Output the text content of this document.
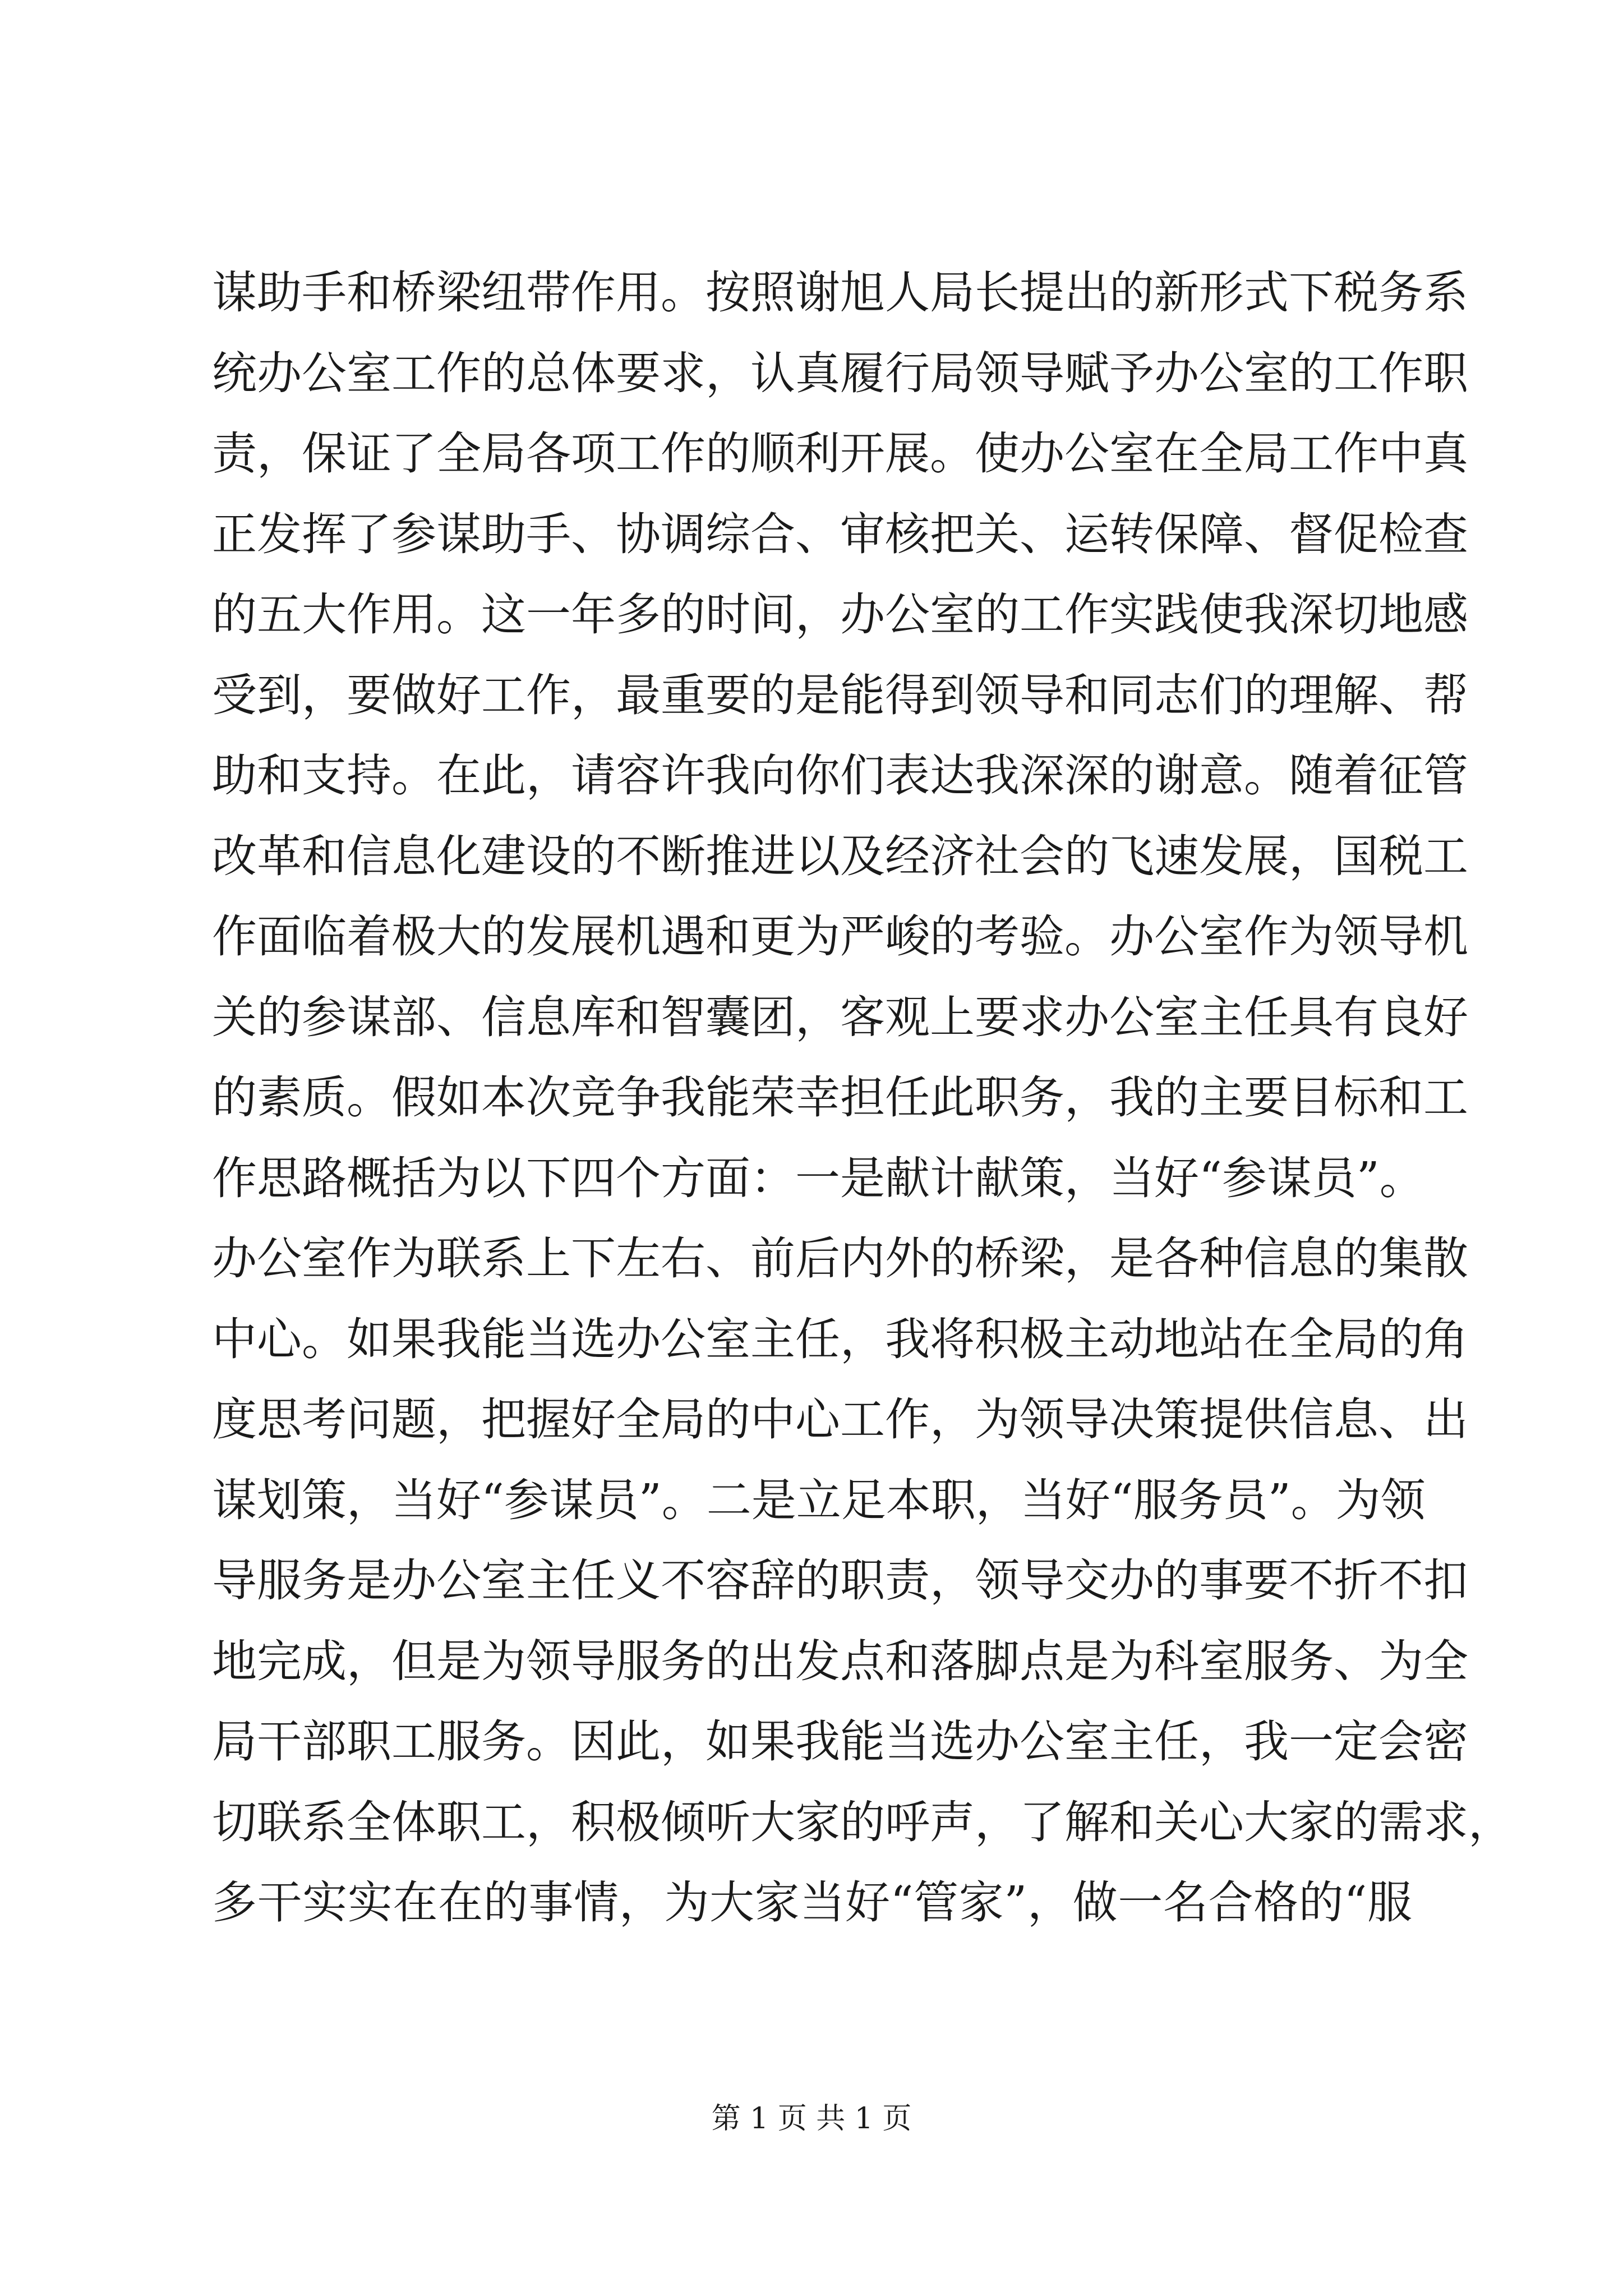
谋助手和桥梁纽带作用。按照谢旭人局长提出的新形式下税务系
统办公室工作的总体要求，认真履行局领导赋予办公室的工作职
责，保证了全局各项工作的顺利开展。使办公室在全局工作中真
正发挥了参谋助手、协调综合、审核把关、运转保障、督促检查
的五大作用。这一年多的时间，办公室的工作实践使我深切地感
受到，要做好工作，最重要的是能得到领导和同志们的理解、帮
助和支持。在此，请容许我向你们表达我深深的谢意。随着征管
改革和信息化建设的不断推进以及经济社会的飞速发展，国税工
作面临着极大的发展机遇和更为严峻的考验。办公室作为领导机
关的参谋部、信息库和智囊团，客观上要求办公室主任具有良好
的素质。假如本次竞争我能荣幸担任此职务，我的主要目标和工
作思路概括为以下四个方面：一是献计献策，当好“参谋员”。
办公室作为联系上下左右、前后内外的桥梁，是各种信息的集散
中心。如果我能当选办公室主任，我将积极主动地站在全局的角
度思考问题，把握好全局的中心工作，为领导决策提供信息、出
谋划策，当好“参谋员”。二是立足本职，当好“服务员”。为领
导服务是办公室主任义不容辞的职责，领导交办的事要不折不扣
地完成，但是为领导服务的出发点和落脚点是为科室服务、为全
局干部职工服务。因此，如果我能当选办公室主任，我一定会密
切联系全体职工，积极倾听大家的呼声，了解和关心大家的需求，
多干实实在在的事情，为大家当好“管家”，做一名合格的“服
第 1 页 共 1 页
